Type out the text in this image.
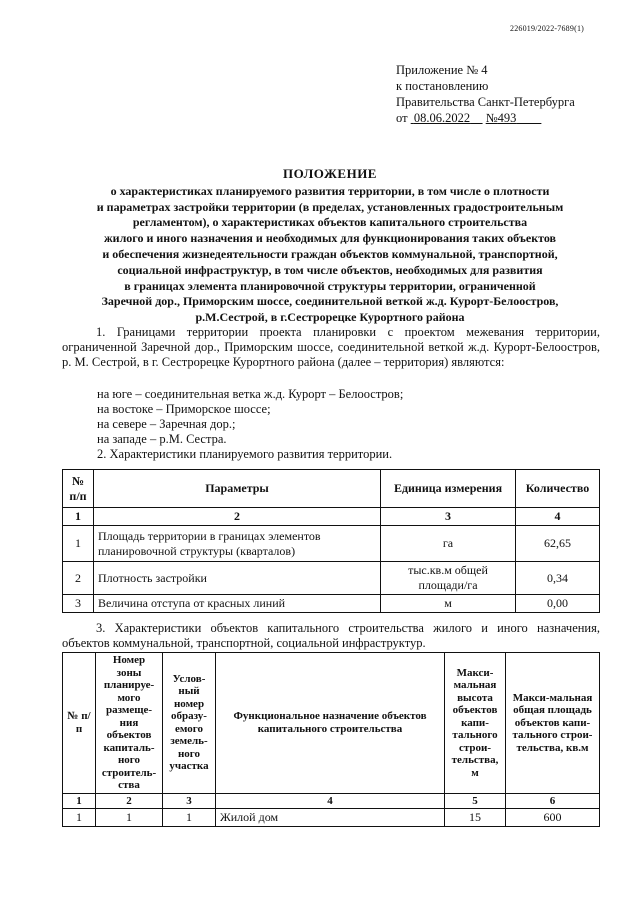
226019/2022-7689(1)
Приложение № 4
к постановлению
Правительства Санкт-Петербурга
от 08.06.2022 №493
ПОЛОЖЕНИЕ
о характеристиках планируемого развития территории, в том числе о плотности
и параметрах застройки территории (в пределах, установленных градостроительным
регламентом), о характеристиках объектов капитального строительства
жилого и иного назначения и необходимых для функционирования таких объектов
и обеспечения жизнедеятельности граждан объектов коммунальной, транспортной,
социальной инфраструктур, в том числе объектов, необходимых для развития
в границах элемента планировочной структуры территории, ограниченной
Заречной дор., Приморским шоссе, соединительной веткой ж.д. Курорт-Белоостров,
р.М.Сестрой, в г.Сестрорецке Курортного района
1. Границами территории проекта планировки с проектом межевания территории, ограниченной Заречной дор., Приморским шоссе, соединительной веткой ж.д. Курорт-Белоостров, р. М. Сестрой, в г. Сестрорецке Курортного района (далее – территория) являются:
на юге – соединительная ветка ж.д. Курорт – Белоостров;
на востоке – Приморское шоссе;
на севере – Заречная дор.;
на западе – р.М. Сестра.
2. Характеристики планируемого развития территории.
№ п/п	Параметры	Единица измерения	Количество
1	2	3	4
1	Площадь территории в границах элементов планировочной структуры (кварталов)	га	62,65
2	Плотность застройки	тыс.кв.м общей площади/га	0,34
3	Величина отступа от красных линий	м	0,00
3. Характеристики объектов капитального строительства жилого и иного назначения, объектов коммунальной, транспортной, социальной инфраструктур.
№ п/п	Номер зоны планируе-мого размеще-ния объектов капиталь-ного строитель-ства	Услов-ный номер образу-емого земель-ного участка	Функциональное назначение объектов капитального строительства	Макси-мальная высота объектов капи-тального строи-тельства, м	Макси-мальная общая площадь объектов капи-тального строи-тельства, кв.м
1	2	3	4	5	6
1	1	1	Жилой дом	15	600
